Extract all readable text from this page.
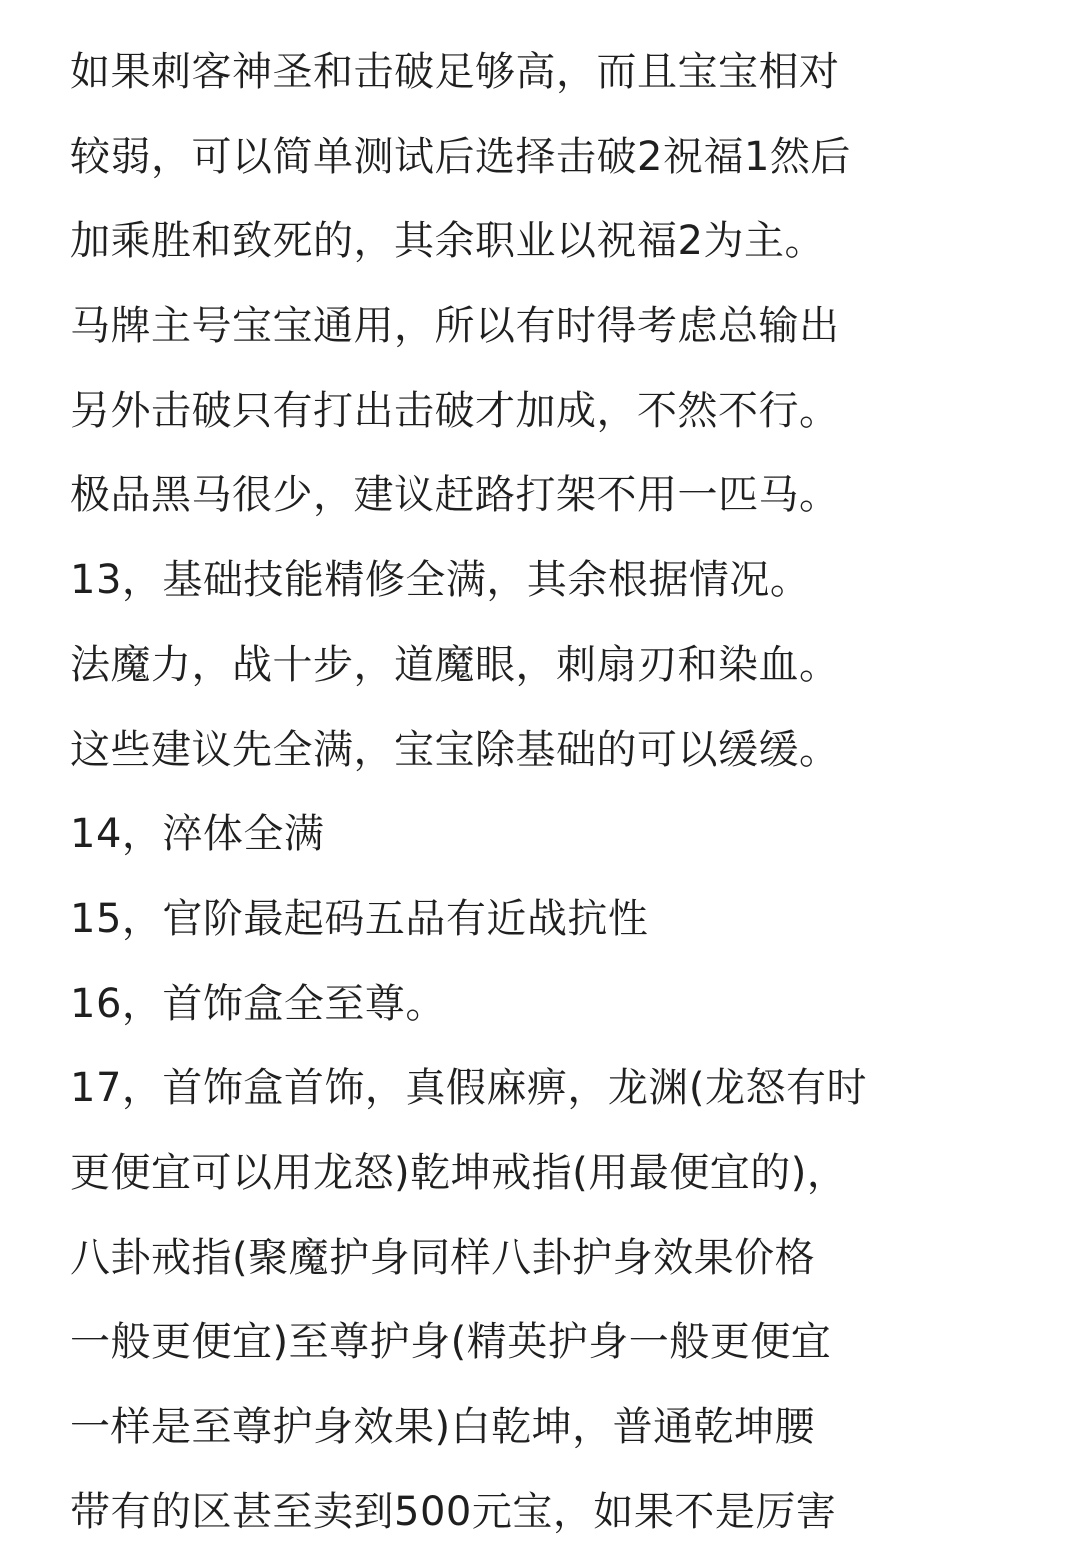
如果刺客神圣和击破足够高，而且宝宝相对
较弱，可以简单测试后选择击破2祝福1然后
加乘胜和致死的，其余职业以祝福2为主。
马牌主号宝宝通用，所以有时得考虑总输出
另外击破只有打出击破才加成，不然不行。
极品黑马很少，建议赶路打架不用一匹马。
13，基础技能精修全满，其余根据情况。
法魔力，战十步，道魔眼，刺扇刃和染血。
这些建议先全满，宝宝除基础的可以缓缓。
14，淬体全满
15，官阶最起码五品有近战抗性
16，首饰盒全至尊。
17，首饰盒首饰，真假麻痹，龙渊(龙怒有时
更便宜可以用龙怒)乾坤戒指(用最便宜的)，
八卦戒指(聚魔护身同样八卦护身效果价格
一般更便宜)至尊护身(精英护身一般更便宜
一样是至尊护身效果)白乾坤，普通乾坤腰
带有的区甚至卖到500元宝，如果不是厉害
